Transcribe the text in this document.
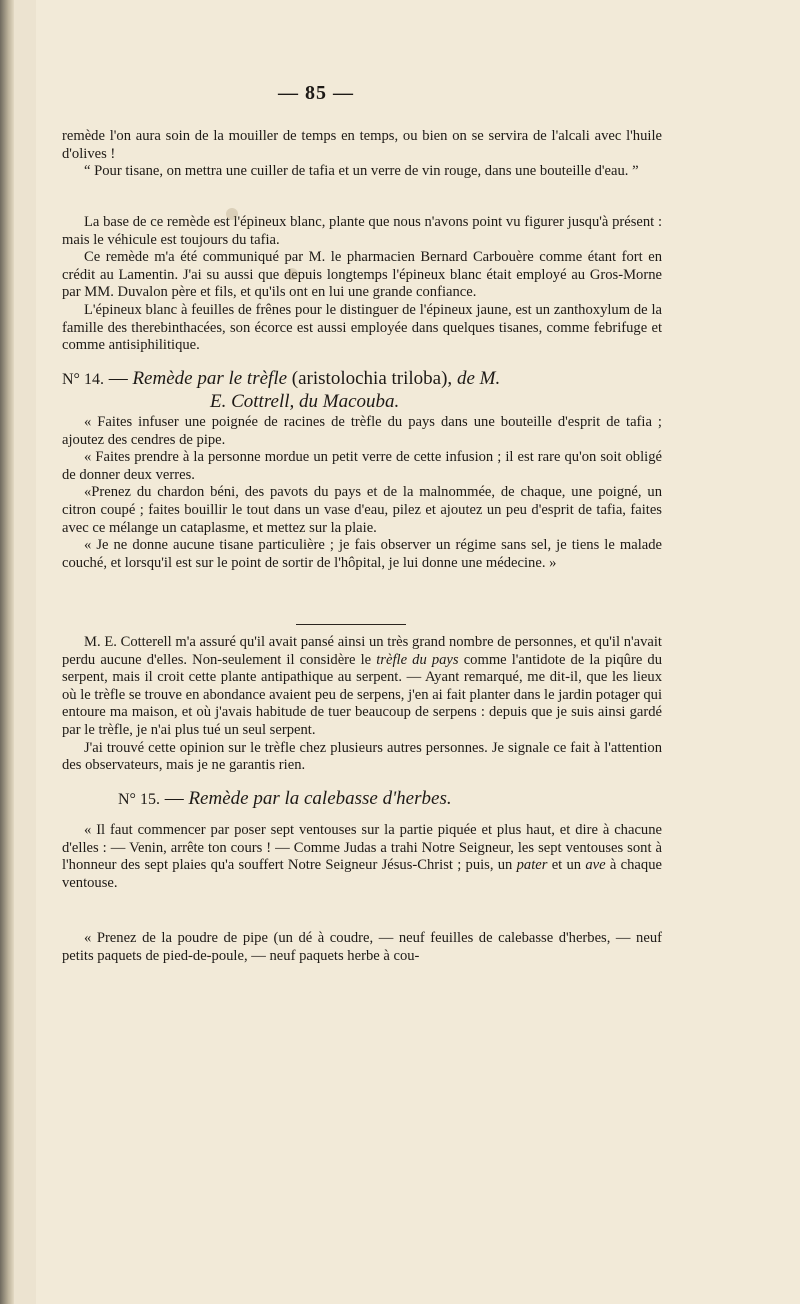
— 85 —

remède l'on aura soin de la mouiller de temps en temps, ou bien on se servira de l'alcali avec l'huile d'olives !

“ Pour tisane, on mettra une cuiller de tafia et un verre de vin rouge, dans une bouteille d'eau. ”

La base de ce remède est l'épineux blanc, plante que nous n'avons point vu figurer jusqu'à présent : mais le véhicule est toujours du tafia.

Ce remède m'a été communiqué par M. le pharmacien Bernard Carbouère comme étant fort en crédit au Lamentin. J'ai su aussi que depuis longtemps l'épineux blanc était employé au Gros-Morne par MM. Duvalon père et fils, et qu'ils ont en lui une grande confiance.

L'épineux blanc à feuilles de frênes pour le distinguer de l'épineux jaune, est un zanthoxylum de la famille des therebinthacées, son écorce est aussi employée dans quelques tisanes, comme febrifuge et comme antisiphilitique.

N° 14. — Remède par le trèfle (aristolochia triloba), de M.
E. Cottrell, du Macouba.

« Faites infuser une poignée de racines de trèfle du pays dans une bouteille d'esprit de tafia ; ajoutez des cendres de pipe.

« Faites prendre à la personne mordue un petit verre de cette infusion ; il est rare qu'on soit obligé de donner deux verres.

«Prenez du chardon béni, des pavots du pays et de la malnommée, de chaque, une poigné, un citron coupé ; faites bouillir le tout dans un vase d'eau, pilez et ajoutez un peu d'esprit de tafia, faites avec ce mélange un cataplasme, et mettez sur la plaie.

« Je ne donne aucune tisane particulière ; je fais observer un régime sans sel, je tiens le malade couché, et lorsqu'il est sur le point de sortir de l'hôpital, je lui donne une médecine. »

M. E. Cotterell m'a assuré qu'il avait pansé ainsi un très grand nombre de personnes, et qu'il n'avait perdu aucune d'elles. Non-seulement il considère le trèfle du pays comme l'antidote de la piqûre du serpent, mais il croit cette plante antipathique au serpent. — Ayant remarqué, me dit-il, que les lieux où le trèfle se trouve en abondance avaient peu de serpens, j'en ai fait planter dans le jardin potager qui entoure ma maison, et où j'avais habitude de tuer beaucoup de serpens : depuis que je suis ainsi gardé par le trèfle, je n'ai plus tué un seul serpent.

J'ai trouvé cette opinion sur le trèfle chez plusieurs autres personnes. Je signale ce fait à l'attention des observateurs, mais je ne garantis rien.

N° 15. — Remède par la calebasse d'herbes.

« Il faut commencer par poser sept ventouses sur la partie piquée et plus haut, et dire à chacune d'elles : — Venin, arrête ton cours ! — Comme Judas a trahi Notre Seigneur, les sept ventouses sont à l'honneur des sept plaies qu'a souffert Notre Seigneur Jésus-Christ ; puis, un pater et un ave à chaque ventouse.

« Prenez de la poudre de pipe (un dé à coudre, — neuf feuilles de calebasse d'herbes, — neuf petits paquets de pied-de-poule, — neuf paquets herbe à cou-
